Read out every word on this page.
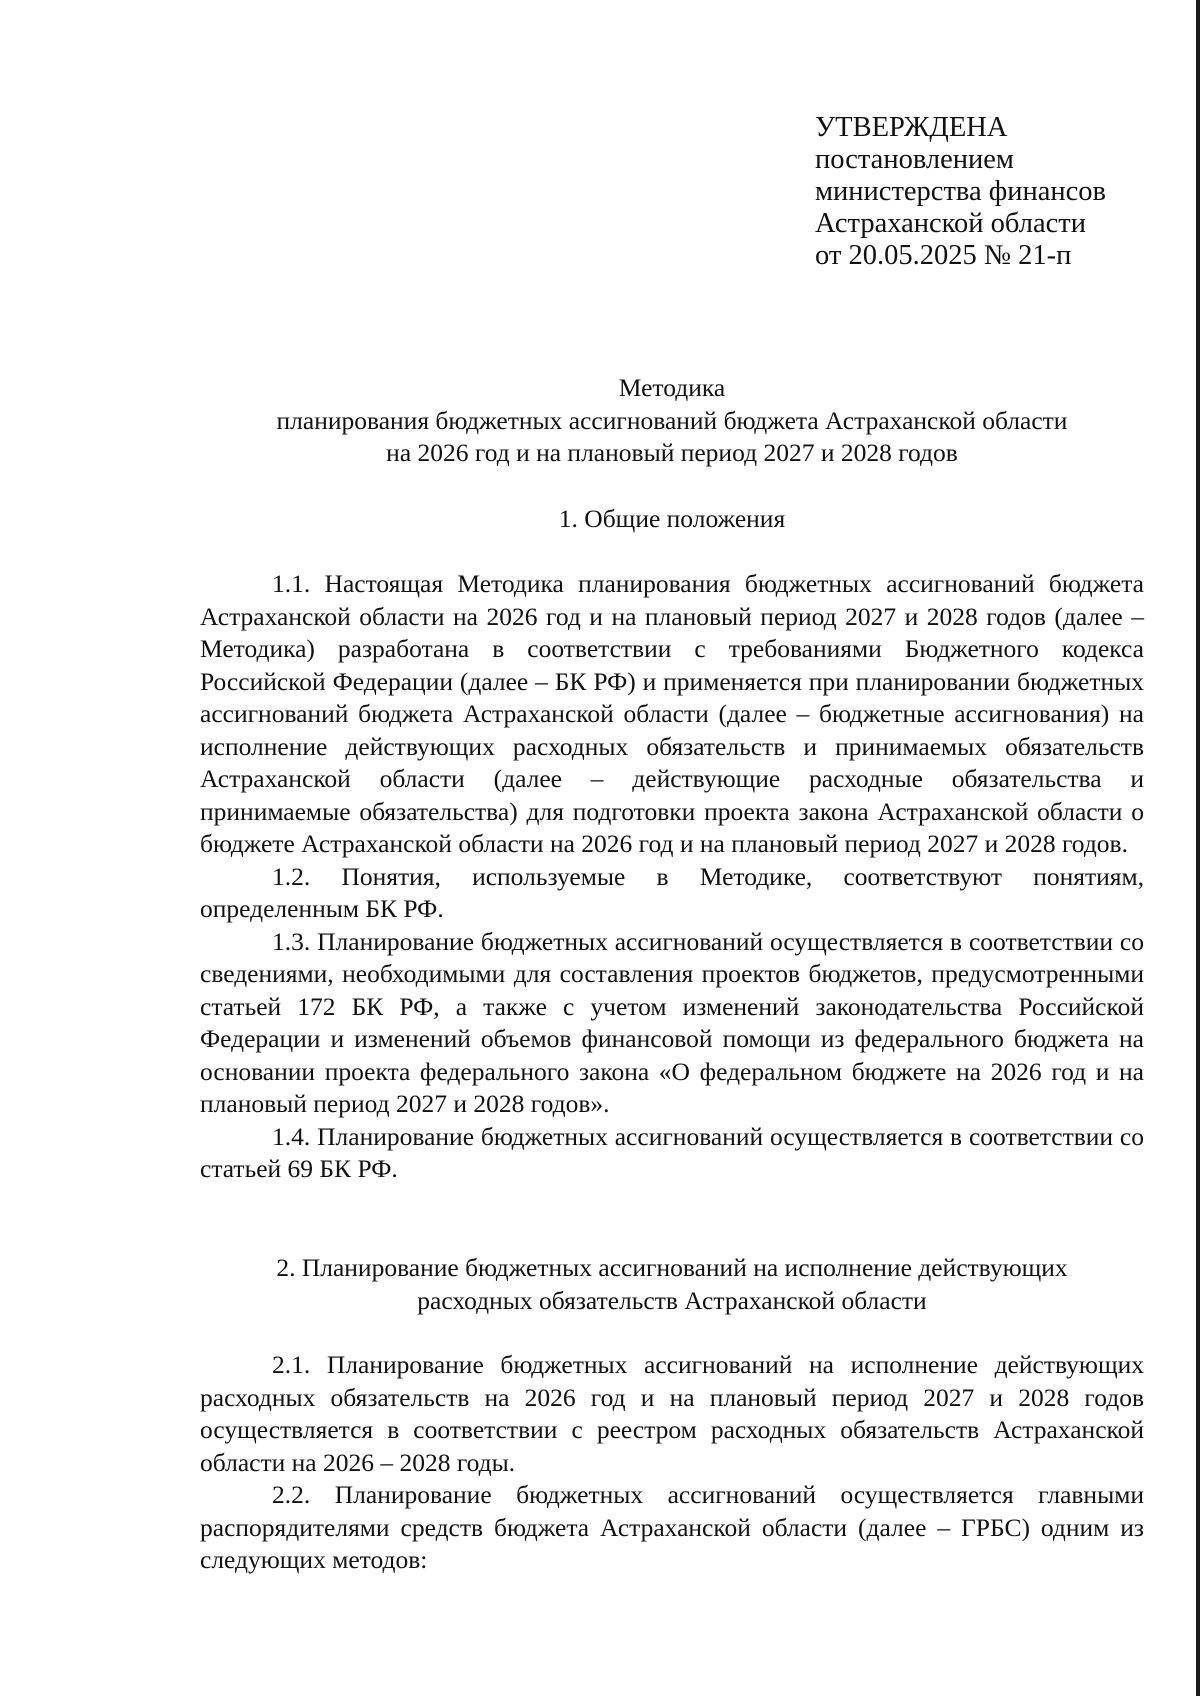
УТВЕРЖДЕНА
постановлением
министерства финансов
Астраханской области
от 20.05.2025 № 21-п
Методика
планирования бюджетных ассигнований бюджета Астраханской области
на 2026 год и на плановый период 2027 и 2028 годов
1. Общие положения

1.1. Настоящая Методика планирования бюджетных ассигнований бюджета Астраханской области на 2026 год и на плановый период 2027 и 2028 годов (далее – Методика) разработана в соответствии с требованиями Бюджетного кодекса Российской Федерации (далее – БК РФ) и применяется при планировании бюджетных ассигнований бюджета Астраханской области (далее – бюджетные ассигнования) на исполнение действующих расходных обязательств и принимаемых обязательств Астраханской области (далее – действующие расходные обязательства и принимаемые обязательства) для подготовки проекта закона Астраханской области о бюджете Астраханской области на 2026 год и на плановый период 2027 и 2028 годов.

1.2. Понятия, используемые в Методике, соответствуют понятиям, определенным БК РФ.

1.3. Планирование бюджетных ассигнований осуществляется в соответствии со сведениями, необходимыми для составления проектов бюджетов, предусмотренными статьей 172 БК РФ, а также с учетом изменений законодательства Российской Федерации и изменений объемов финансовой помощи из федерального бюджета на основании проекта федерального закона «О федеральном бюджете на 2026 год и на плановый период 2027 и 2028 годов».

1.4. Планирование бюджетных ассигнований осуществляется в соответствии со статьей 69 БК РФ.

2. Планирование бюджетных ассигнований на исполнение действующих
расходных обязательств Астраханской области

2.1. Планирование бюджетных ассигнований на исполнение действующих расходных обязательств на 2026 год и на плановый период 2027 и 2028 годов осуществляется в соответствии с реестром расходных обязательств Астраханской области на 2026 – 2028 годы.

2.2. Планирование бюджетных ассигнований осуществляется главными распорядителями средств бюджета Астраханской области (далее – ГРБС) одним из следующих методов:
